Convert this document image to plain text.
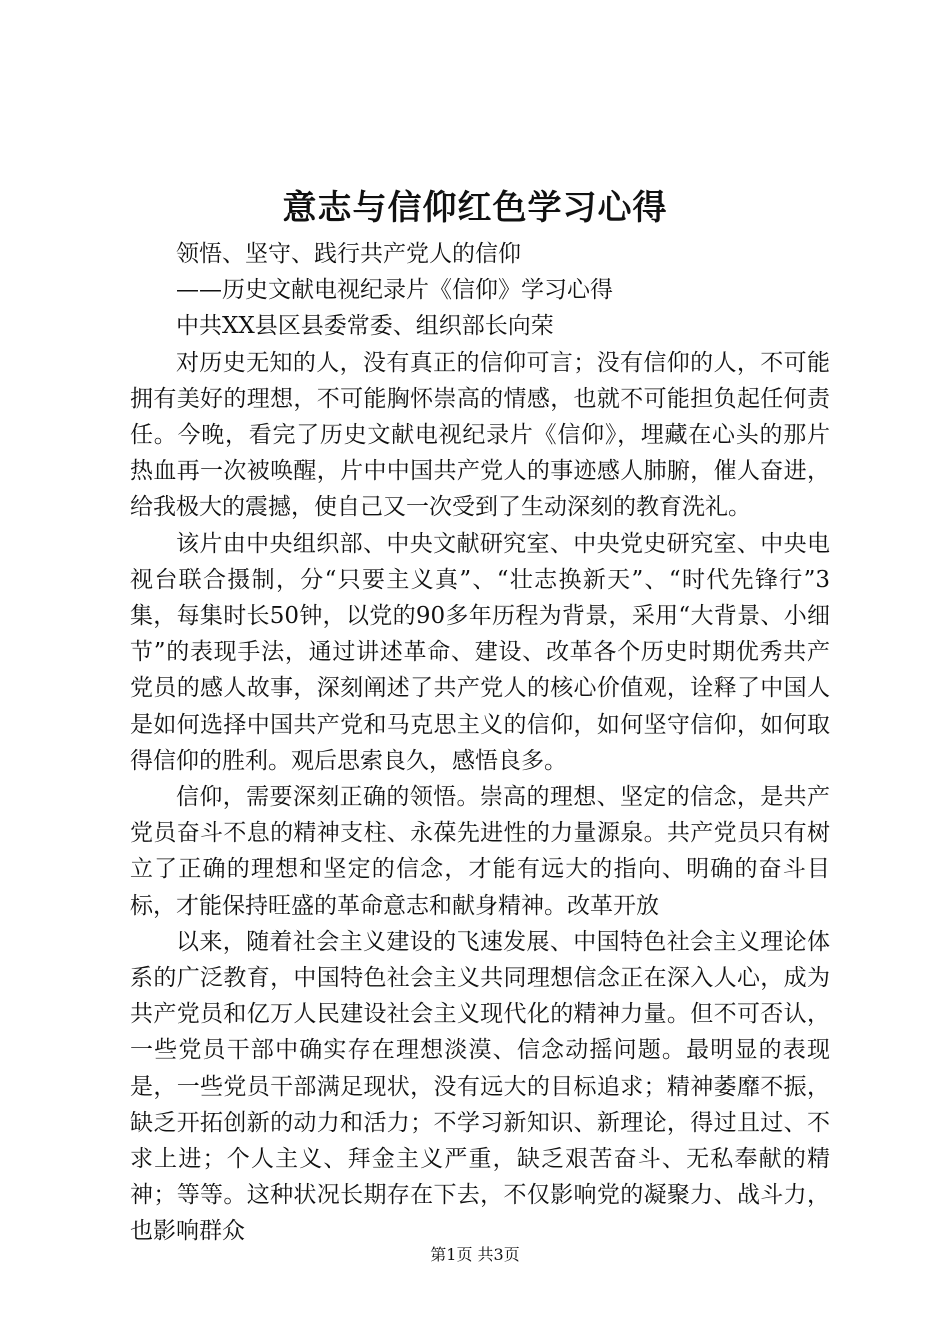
意志与信仰红色学习心得

领悟、坚守、践行共产党人的信仰

——历史文献电视纪录片《信仰》学习心得

中共XX县区县委常委、组织部长向荣

对历史无知的人，没有真正的信仰可言；没有信仰的人，不可能拥有美好的理想，不可能胸怀崇高的情感，也就不可能担负起任何责任。今晚，看完了历史文献电视纪录片《信仰》，埋藏在心头的那片热血再一次被唤醒，片中中国共产党人的事迹感人肺腑，催人奋进，给我极大的震撼，使自己又一次受到了生动深刻的教育洗礼。

该片由中央组织部、中央文献研究室、中央党史研究室、中央电视台联合摄制，分“只要主义真”、“壮志换新天”、“时代先锋行”3集，每集时长50钟，以党的90多年历程为背景，采用“大背景、小细节”的表现手法，通过讲述革命、建设、改革各个历史时期优秀共产党员的感人故事，深刻阐述了共产党人的核心价值观，诠释了中国人是如何选择中国共产党和马克思主义的信仰，如何坚守信仰，如何取得信仰的胜利。观后思索良久，感悟良多。

信仰，需要深刻正确的领悟。崇高的理想、坚定的信念，是共产党员奋斗不息的精神支柱、永葆先进性的力量源泉。共产党员只有树立了正确的理想和坚定的信念，才能有远大的指向、明确的奋斗目标，才能保持旺盛的革命意志和献身精神。改革开放

以来，随着社会主义建设的飞速发展、中国特色社会主义理论体系的广泛教育，中国特色社会主义共同理想信念正在深入人心，成为共产党员和亿万人民建设社会主义现代化的精神力量。但不可否认，一些党员干部中确实存在理想淡漠、信念动摇问题。最明显的表现是，一些党员干部满足现状，没有远大的目标追求；精神萎靡不振，缺乏开拓创新的动力和活力；不学习新知识、新理论，得过且过、不求上进；个人主义、拜金主义严重，缺乏艰苦奋斗、无私奉献的精神；等等。这种状况长期存在下去，不仅影响党的凝聚力、战斗力，也影响群众

第1页 共3页
